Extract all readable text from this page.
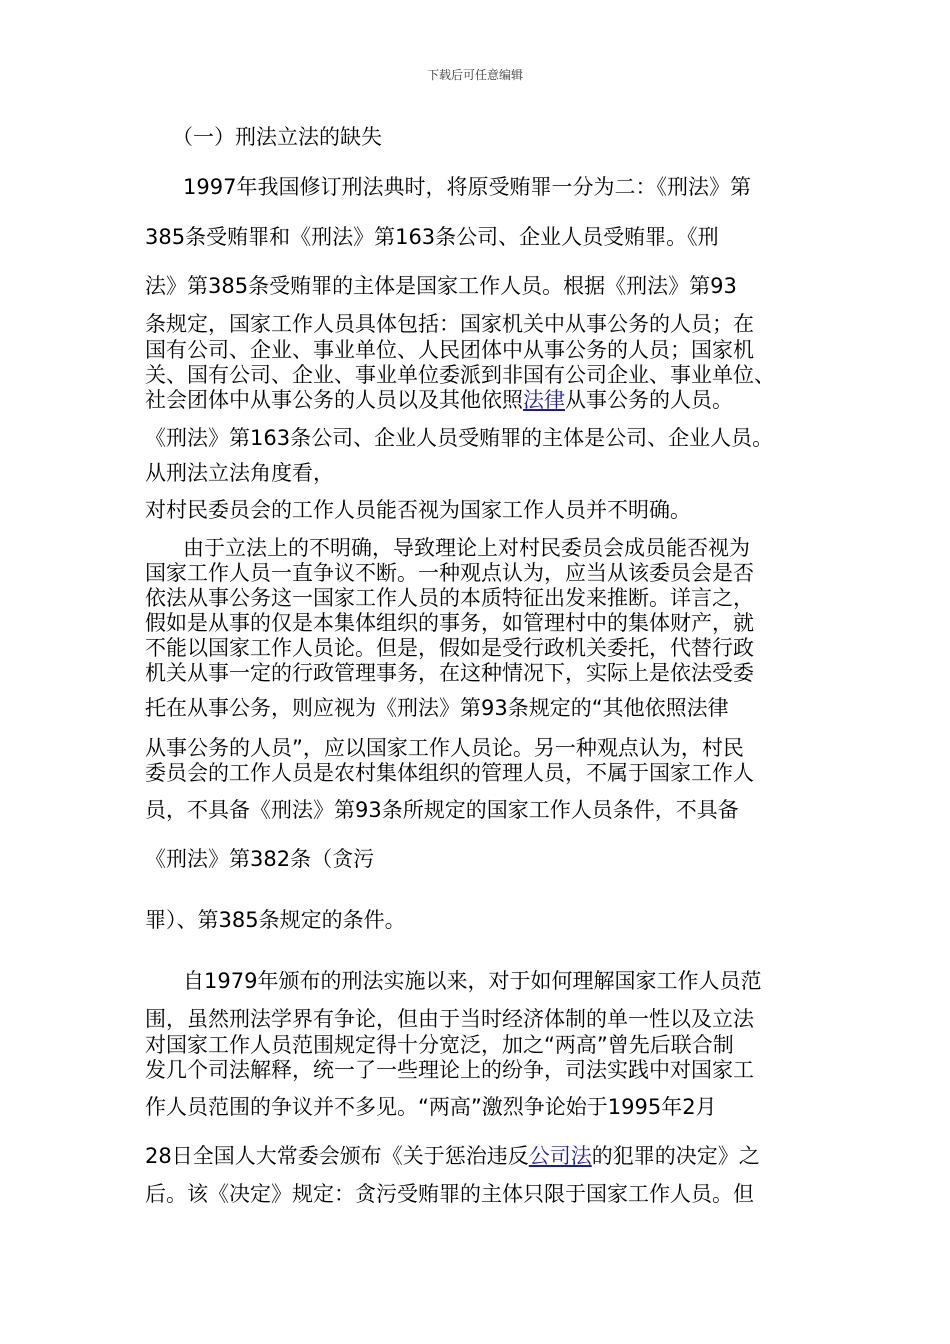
下载后可任意编辑
（一）刑法立法的缺失
1997年我国修订刑法典时，将原受贿罪一分为二：《刑法》第
385条受贿罪和《刑法》第163条公司、企业人员受贿罪。《刑
法》第385条受贿罪的主体是国家工作人员。根据《刑法》第93
条规定，国家工作人员具体包括：国家机关中从事公务的人员；在
国有公司、企业、事业单位、人民团体中从事公务的人员；国家机
关、国有公司、企业、事业单位委派到非国有公司企业、事业单位、
社会团体中从事公务的人员以及其他依照法律从事公务的人员。
《刑法》第163条公司、企业人员受贿罪的主体是公司、企业人员。
从刑法立法角度看，
对村民委员会的工作人员能否视为国家工作人员并不明确。
由于立法上的不明确，导致理论上对村民委员会成员能否视为
国家工作人员一直争议不断。一种观点认为，应当从该委员会是否
依法从事公务这一国家工作人员的本质特征出发来推断。详言之，
假如是从事的仅是本集体组织的事务，如管理村中的集体财产，就
不能以国家工作人员论。但是，假如是受行政机关委托，代替行政
机关从事一定的行政管理事务，在这种情况下，实际上是依法受委
托在从事公务，则应视为《刑法》第93条规定的“其他依照法律
从事公务的人员”，应以国家工作人员论。另一种观点认为，村民
委员会的工作人员是农村集体组织的管理人员，不属于国家工作人
员，不具备《刑法》第93条所规定的国家工作人员条件，不具备
《刑法》第382条（贪污
罪）、第385条规定的条件。
自1979年颁布的刑法实施以来，对于如何理解国家工作人员范
围，虽然刑法学界有争论，但由于当时经济体制的单一性以及立法
对国家工作人员范围规定得十分宽泛，加之“两高”曾先后联合制
发几个司法解释，统一了一些理论上的纷争，司法实践中对国家工
作人员范围的争议并不多见。“两高”激烈争论始于1995年2月
28日全国人大常委会颁布《关于惩治违反公司法的犯罪的决定》之
后。该《决定》规定：贪污受贿罪的主体只限于国家工作人员。但
